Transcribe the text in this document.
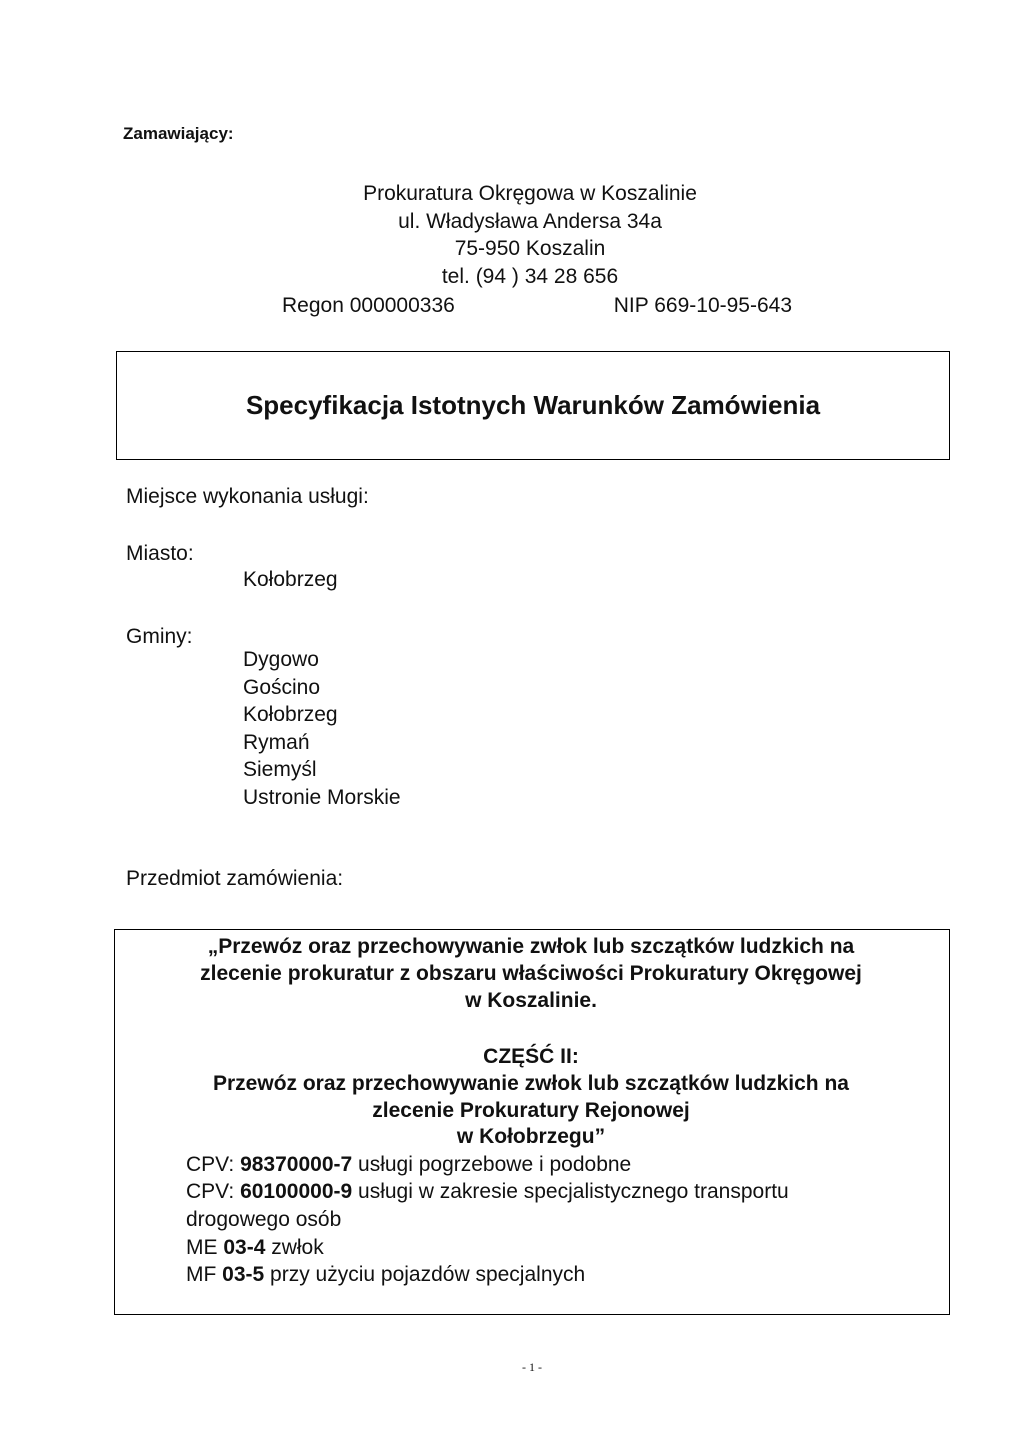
Zamawiający:
Prokuratura Okręgowa w Koszalinie
ul. Władysława Andersa 34a
75-950 Koszalin
tel. (94 ) 34 28 656
Regon 000000336	NIP 669-10-95-643
Specyfikacja Istotnych Warunków Zamówienia
Miejsce wykonania usługi:
Miasto:
Kołobrzeg
Gminy:
Dygowo
Gościno
Kołobrzeg
Rymań
Siemyśl
Ustronie Morskie
Przedmiot zamówienia:
„Przewóz oraz przechowywanie zwłok lub szczątków ludzkich na
zlecenie prokuratur z obszaru właściwości Prokuratury Okręgowej
w Koszalinie.
CZĘŚĆ II:
Przewóz oraz przechowywanie zwłok lub szczątków ludzkich na
zlecenie Prokuratury Rejonowej
w Kołobrzegu”
CPV: 98370000-7 usługi pogrzebowe i podobne
CPV: 60100000-9 usługi w zakresie specjalistycznego transportu
drogowego osób
ME 03-4 zwłok
MF 03-5 przy użyciu pojazdów specjalnych
- 1 -
